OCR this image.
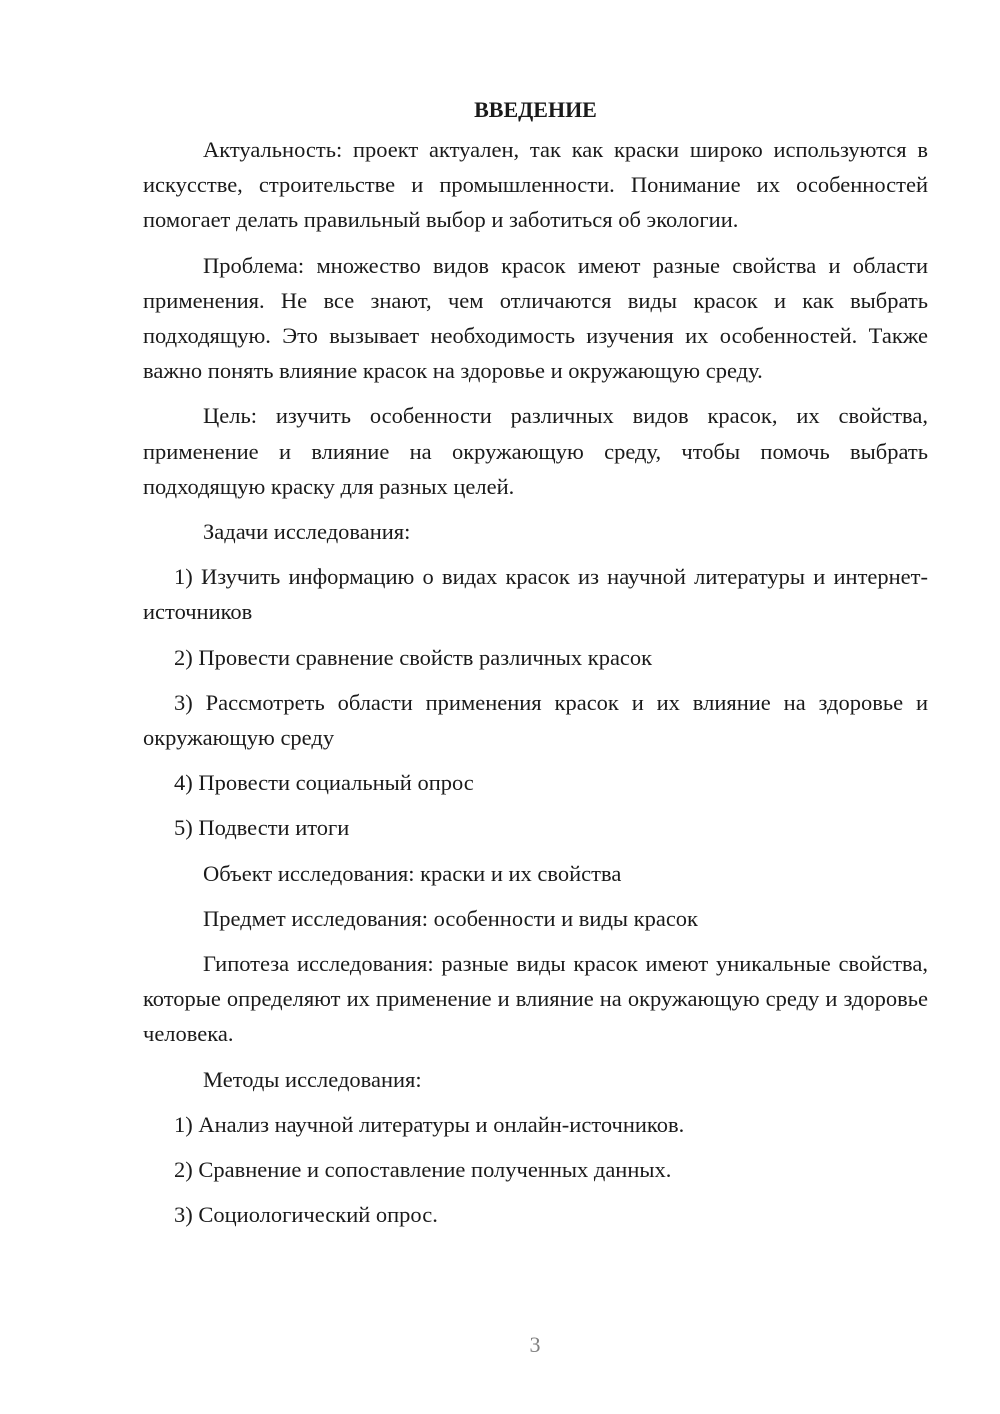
ВВЕДЕНИЕ

Актуальность: проект актуален, так как краски широко используются в искусстве, строительстве и промышленности. Понимание их особенностей помогает делать правильный выбор и заботиться об экологии.

Проблема: множество видов красок имеют разные свойства и области применения. Не все знают, чем отличаются виды красок и как выбрать подходящую. Это вызывает необходимость изучения их особенностей. Также важно понять влияние красок на здоровье и окружающую среду.

Цель: изучить особенности различных видов красок, их свойства, применение и влияние на окружающую среду, чтобы помочь выбрать подходящую краску для разных целей.

Задачи исследования:

1) Изучить информацию о видах красок из научной литературы и интернет-источников

2) Провести сравнение свойств различных красок

3) Рассмотреть области применения красок и их влияние на здоровье и окружающую среду

4) Провести социальный опрос

5) Подвести итоги

Объект исследования: краски и их свойства

Предмет исследования: особенности и виды красок

Гипотеза исследования: разные виды красок имеют уникальные свойства, которые определяют их применение и влияние на окружающую среду и здоровье человека.

Методы исследования:

1) Анализ научной литературы и онлайн-источников.

2) Сравнение и сопоставление полученных данных.

3) Социологический опрос.

3
